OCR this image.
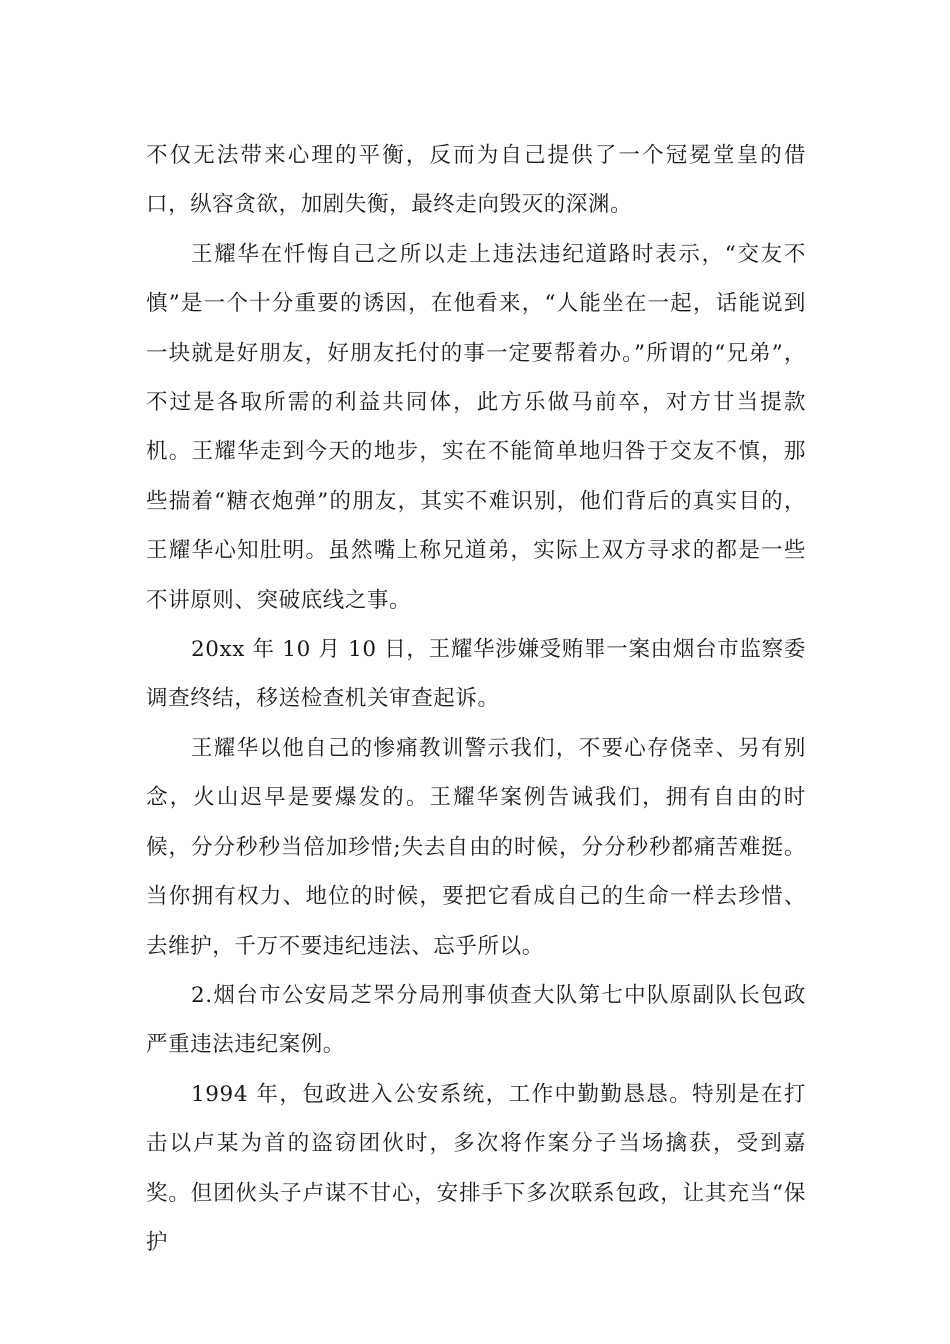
不仅无法带来心理的平衡，反而为自己提供了一个冠冕堂皇的借口，纵容贪欲，加剧失衡，最终走向毁灭的深渊。

王耀华在忏悔自己之所以走上违法违纪道路时表示，“交友不慎”是一个十分重要的诱因，在他看来，“人能坐在一起，话能说到一块就是好朋友，好朋友托付的事一定要帮着办。”所谓的“兄弟”，不过是各取所需的利益共同体，此方乐做马前卒，对方甘当提款机。王耀华走到今天的地步，实在不能简单地归咎于交友不慎，那些揣着“糖衣炮弹”的朋友，其实不难识别，他们背后的真实目的，王耀华心知肚明。虽然嘴上称兄道弟，实际上双方寻求的都是一些不讲原则、突破底线之事。

20xx 年 10 月 10 日，王耀华涉嫌受贿罪一案由烟台市监察委调查终结，移送检查机关审查起诉。

王耀华以他自己的惨痛教训警示我们，不要心存侥幸、另有别念，火山迟早是要爆发的。王耀华案例告诫我们，拥有自由的时候，分分秒秒当倍加珍惜;失去自由的时候，分分秒秒都痛苦难挺。当你拥有权力、地位的时候，要把它看成自己的生命一样去珍惜、去维护，千万不要违纪违法、忘乎所以。

2.烟台市公安局芝罘分局刑事侦查大队第七中队原副队长包政严重违法违纪案例。

1994 年，包政进入公安系统，工作中勤勤恳恳。特别是在打击以卢某为首的盗窃团伙时，多次将作案分子当场擒获，受到嘉奖。但团伙头子卢谋不甘心，安排手下多次联系包政，让其充当“保护
